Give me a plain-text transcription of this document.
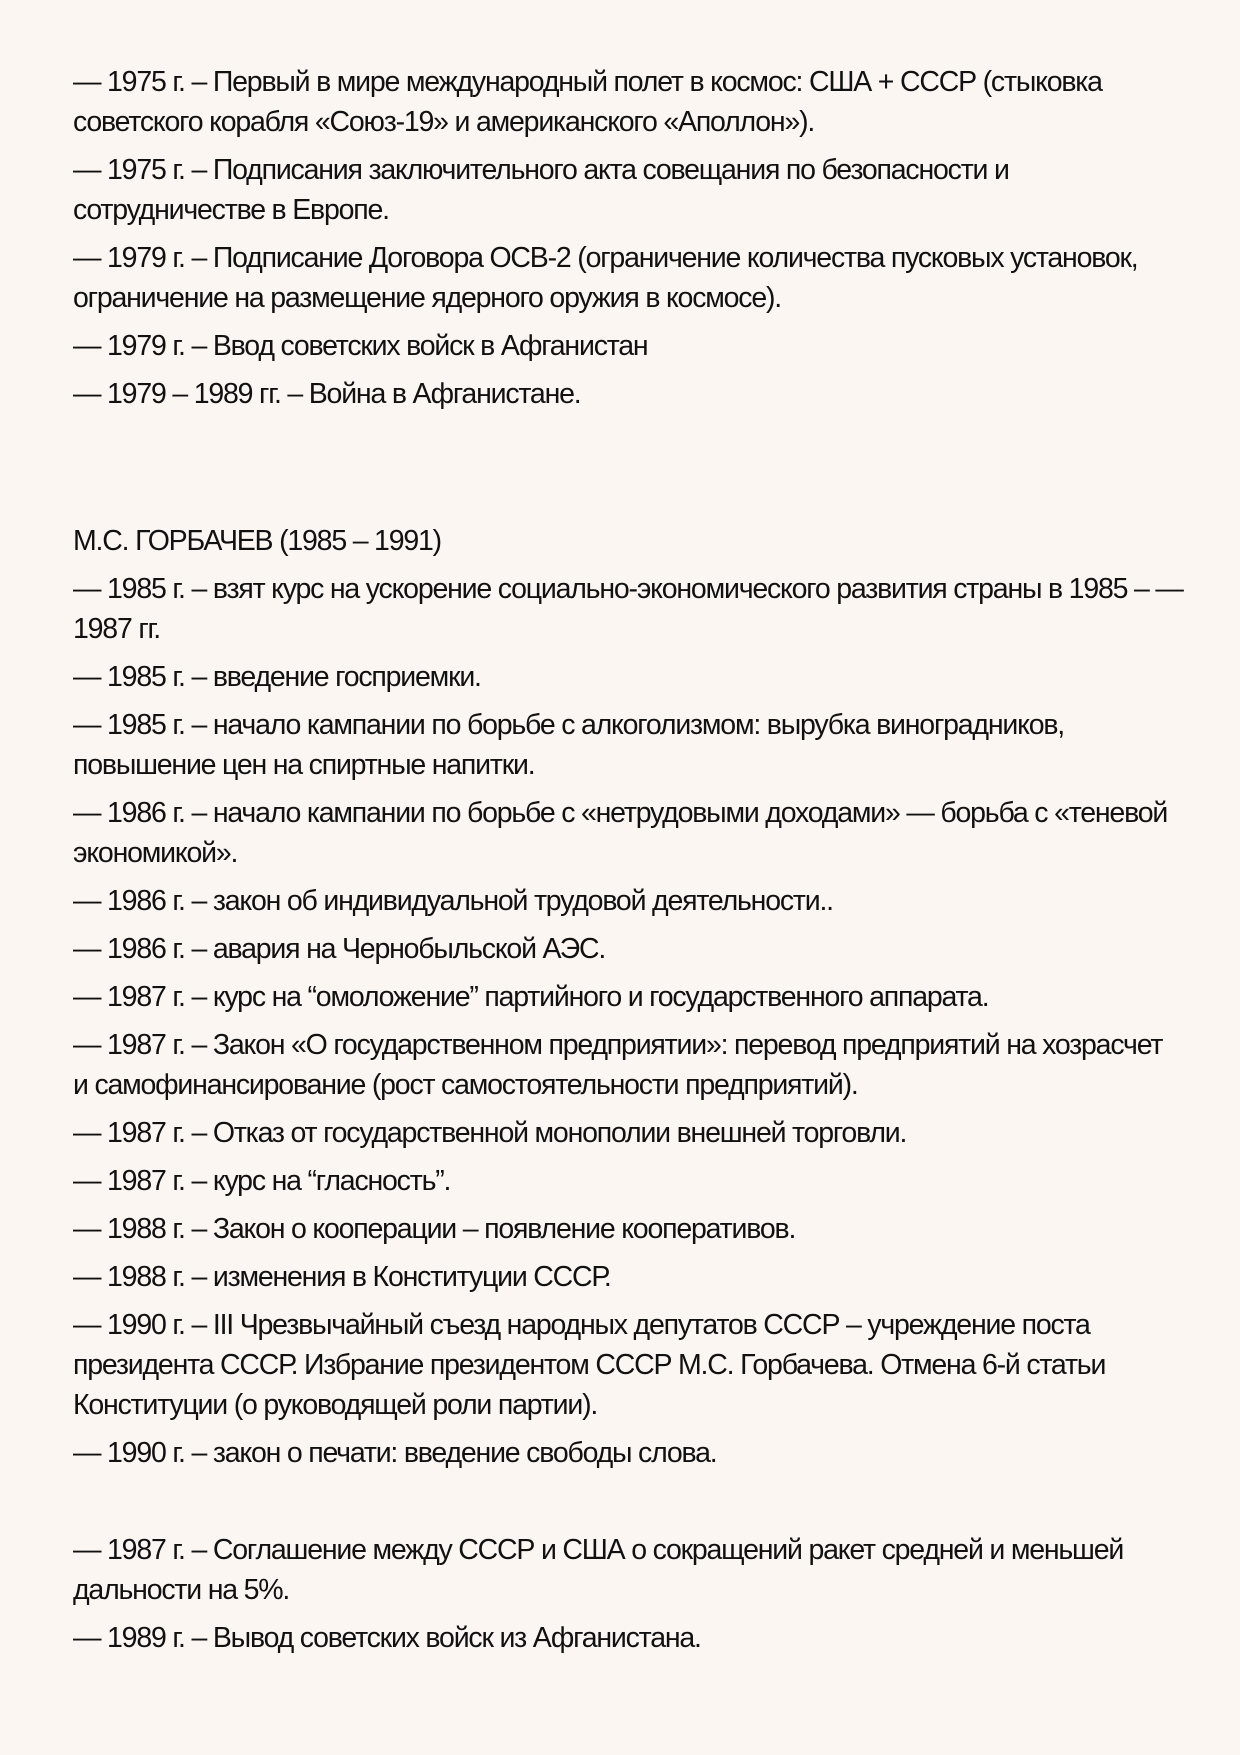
— 1975 г. – Первый в мире международный полет в космос: США + СССР (стыковка советского корабля «Союз-19» и американского «Аполлон»).

— 1975 г. – Подписания заключительного акта совещания по безопасности и сотрудничестве в Европе.

— 1979 г. – Подписание Договора ОСВ-2 (ограничение количества пусковых установок, ограничение на размещение ядерного оружия в космосе).

— 1979 г. – Ввод советских войск в Афганистан

— 1979 – 1989 гг. – Война в Афганистане.

М.С. ГОРБАЧЕВ (1985 – 1991)

— 1985 г. – взят курс на ускорение социально-экономического развития страны в 1985 – — 1987 гг.

— 1985 г. – введение госприемки.

— 1985 г. – начало кампании по борьбе с алкоголизмом: вырубка виноградников, повышение цен на спиртные напитки.

— 1986 г. – начало кампании по борьбе с «нетрудовыми доходами» — борьба с «теневой экономикой».

— 1986 г. – закон об индивидуальной трудовой деятельности..

— 1986 г. – авария на Чернобыльской АЭС.

— 1987 г. – курс на “омоложение” партийного и государственного аппарата.

— 1987 г. – Закон «О государственном предприятии»: перевод предприятий на хозрасчет и самофинансирование (рост самостоятельности предприятий).

— 1987 г. – Отказ от государственной монополии внешней торговли.

— 1987 г. – курс на “гласность”.

— 1988 г. – Закон о кооперации – появление кооперативов.

— 1988 г. – изменения в Конституции СССР.

— 1990 г. – III Чрезвычайный съезд народных депутатов СССР – учреждение поста президента СССР. Избрание президентом СССР М.С. Горбачева. Отмена 6-й статьи Конституции (о руководящей роли партии).

— 1990 г. – закон о печати: введение свободы слова.

— 1987 г. – Соглашение между СССР и США о сокращений ракет средней и меньшей дальности на 5%.

— 1989 г. – Вывод советских войск из Афганистана.
